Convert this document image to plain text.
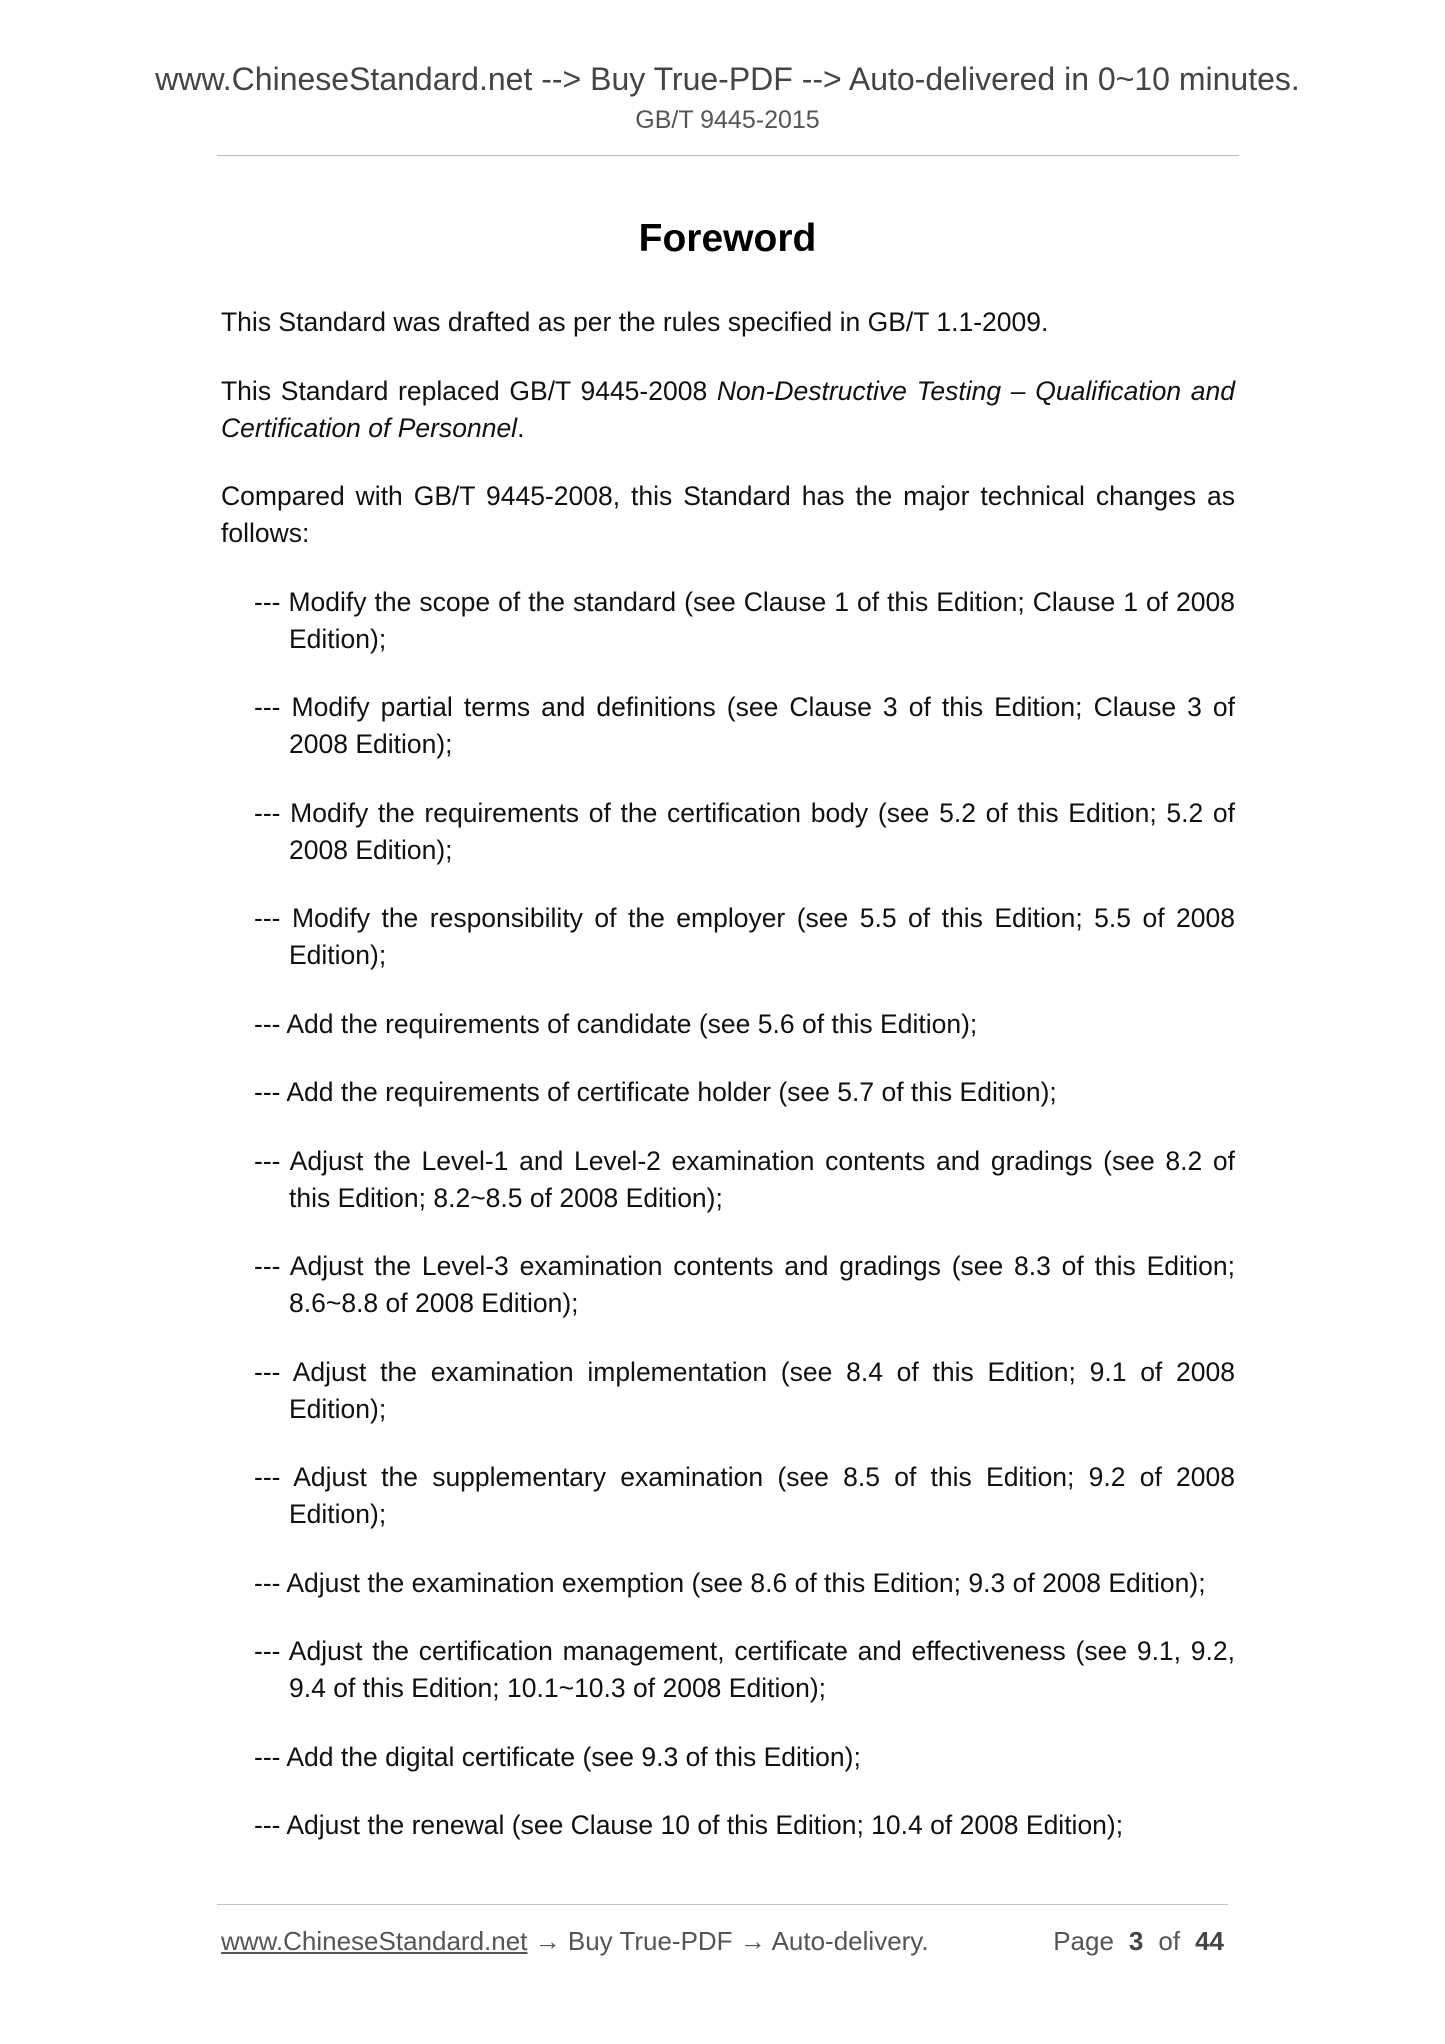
www.ChineseStandard.net --> Buy True-PDF --> Auto-delivered in 0~10 minutes.
GB/T 9445-2015
Foreword

This Standard was drafted as per the rules specified in GB/T 1.1-2009.

This Standard replaced GB/T 9445-2008 Non-Destructive Testing – Qualification and Certification of Personnel.

Compared with GB/T 9445-2008, this Standard has the major technical changes as follows:

--- Modify the scope of the standard (see Clause 1 of this Edition; Clause 1 of 2008 Edition);
--- Modify partial terms and definitions (see Clause 3 of this Edition; Clause 3 of 2008 Edition);
--- Modify the requirements of the certification body (see 5.2 of this Edition; 5.2 of 2008 Edition);
--- Modify the responsibility of the employer (see 5.5 of this Edition; 5.5 of 2008 Edition);
--- Add the requirements of candidate (see 5.6 of this Edition);
--- Add the requirements of certificate holder (see 5.7 of this Edition);
--- Adjust the Level-1 and Level-2 examination contents and gradings (see 8.2 of this Edition; 8.2~8.5 of 2008 Edition);
--- Adjust the Level-3 examination contents and gradings (see 8.3 of this Edition; 8.6~8.8 of 2008 Edition);
--- Adjust the examination implementation (see 8.4 of this Edition; 9.1 of 2008 Edition);
--- Adjust the supplementary examination (see 8.5 of this Edition; 9.2 of 2008 Edition);
--- Adjust the examination exemption (see 8.6 of this Edition; 9.3 of 2008 Edition);
--- Adjust the certification management, certificate and effectiveness (see 9.1, 9.2, 9.4 of this Edition; 10.1~10.3 of 2008 Edition);
--- Add the digital certificate (see 9.3 of this Edition);
--- Adjust the renewal (see Clause 10 of this Edition; 10.4 of 2008 Edition);
www.ChineseStandard.net → Buy True-PDF → Auto-delivery.	Page 3 of 44
